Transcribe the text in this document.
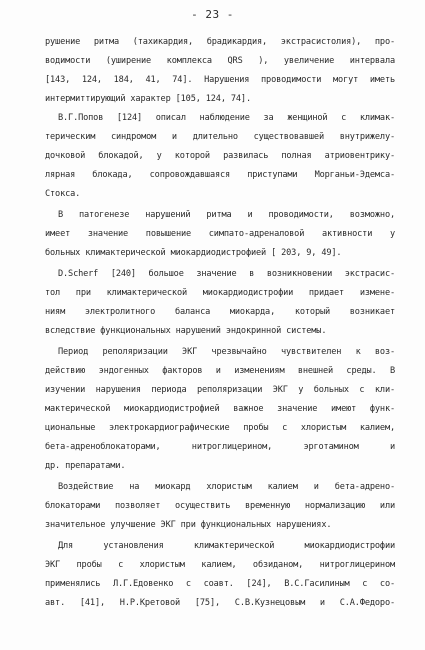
- 23 -
рушение ритма (тахикардия, брадикардия, экстрасистолия), про-
водимости (уширение комплекса QRS ), увеличение интервала
[143, 124, 184, 41, 74]. Нарушения проводимости могут иметь
интермиттирующий характер [105, 124, 74].
В.Г.Попов [124] описал наблюдение за женщиной с климак-
терическим синдромом и длительно существовавшей внутрижелу-
дочковой блокадой, у которой развилась полная атриовентрику-
лярная блокада, сопровождавшаяся приступами Морганьи-Эдемса-
Стокса.
В патогенезе нарушений ритма и проводимости, возможно,
имеет значение повышение симпато-адреналовой активности у
больных климактерической миокардиодистрофией [ 203, 9, 49].
D.Scherf [240] большое значение в возникновении экстрасис-
тол при климактерической миокардиодистрофии придает измене-
ниям электролитного баланса миокарда, который возникает
вследствие функциональных нарушений эндокринной системы.
Период реполяризации ЭКГ чрезвычайно чувствителен к воз-
действию эндогенных факторов и изменениям внешней среды. В
изучении нарушения периода реполяризации ЭКГ у больных с кли-
мактерической миокардиодистрофией важное значение имеют функ-
циональные электрокардиографические пробы с хлористым калием,
бета-адреноблокаторами, нитроглицерином, эрготамином и
др. препаратами.
Воздействие на миокард хлористым калием и бета-адрено-
блокаторами позволяет осуществить временную нормализацию или
значительное улучшение ЭКГ при функциональных нарушениях.
Для установления климактерической миокардиодистрофии
ЭКГ пробы с хлористым калием, обзиданом, нитроглицерином
применялись Л.Г.Едовенко с соавт. [24], В.С.Гасилиным с со-
авт. [41], Н.Р.Кретовой [75], С.В.Кузнецовым и С.А.Федоро-
